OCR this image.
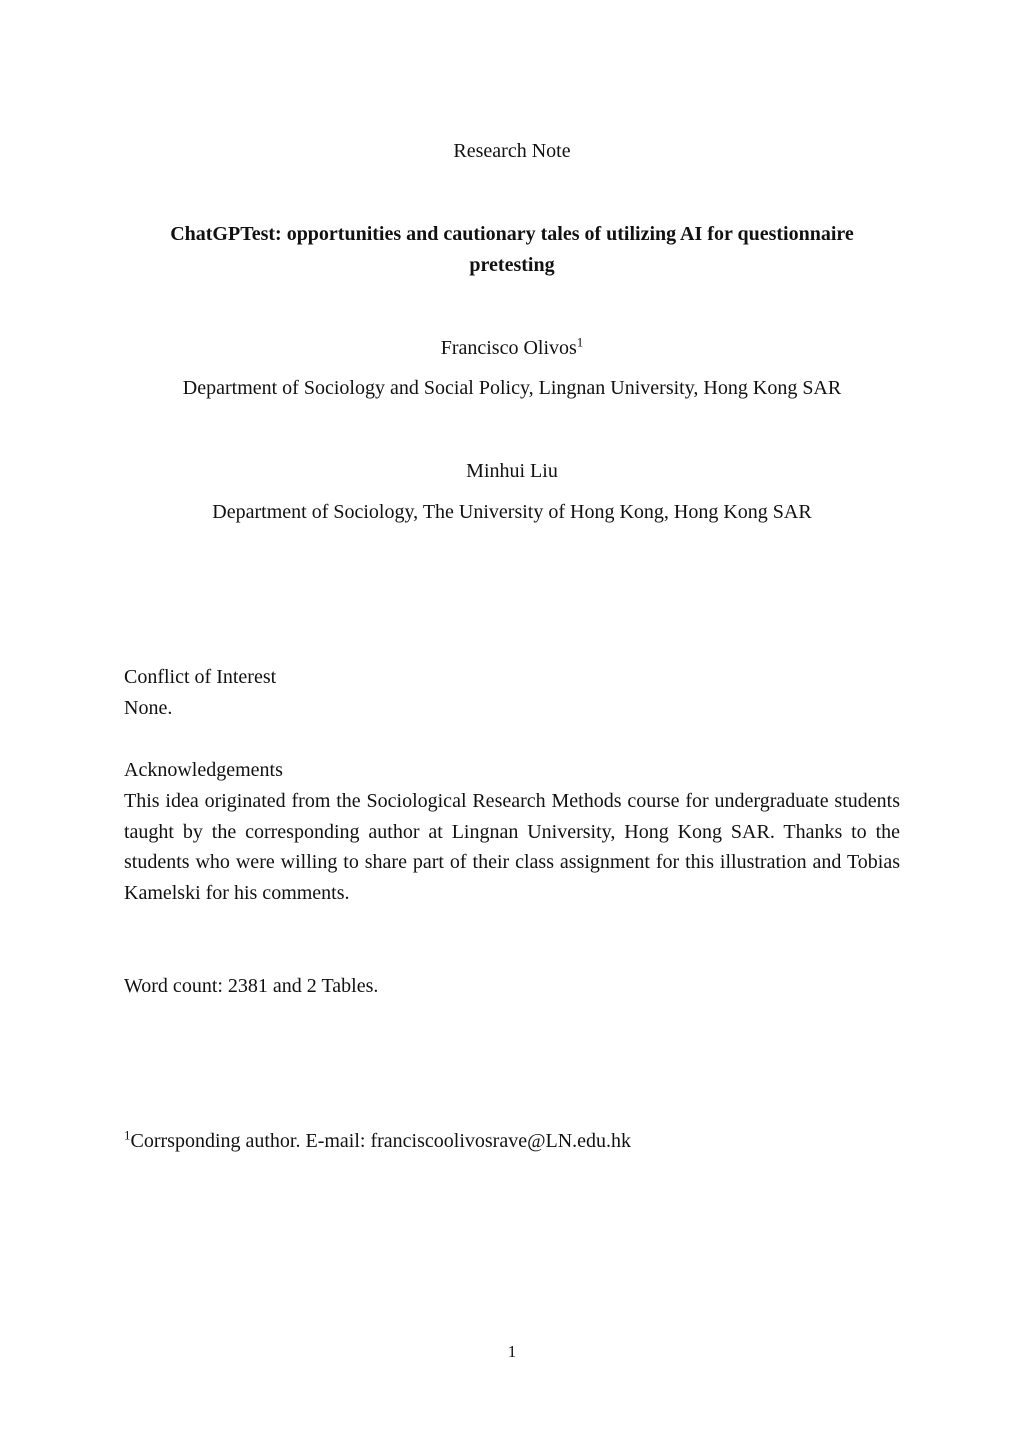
Research Note
ChatGPTest: opportunities and cautionary tales of utilizing AI for questionnaire
pretesting
Francisco Olivos$^1$
Department of Sociology and Social Policy, Lingnan University, Hong Kong SAR
Minhui Liu
Department of Sociology, The University of Hong Kong, Hong Kong SAR
Conflict of Interest
None.
Acknowledgements
This idea originated from the Sociological Research Methods course for undergraduate students taught by the corresponding author at Lingnan University, Hong Kong SAR. Thanks to the students who were willing to share part of their class assignment for this illustration and Tobias Kamelski for his comments.
Word count: 2381 and 2 Tables.
$^1$Corrsponding author. E-mail: franciscoolivosrave@LN.edu.hk
1
